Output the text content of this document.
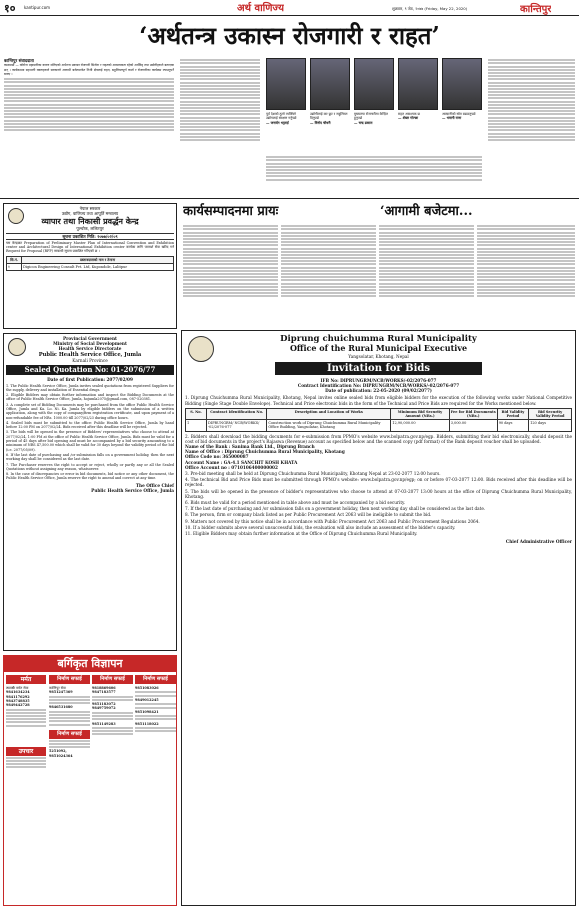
१० kantipur.com	अर्थ वाणिज्य	शुक्रबार, ९ जेठ, २०७७ (Friday, May 22, 2020)	कान्तिपुर
‘अर्थतन्त्र उकास्न रोजगारी र राहत’
कान्तिपुर संवाददाता
काठमाडौं — कोरोना महामारीका कारण थलिएको अर्थतन्त्र उकास्न रोजगारी सिर्जना र राहतको आवश्यकता रहेको अर्थविद् तथा उद्योगीहरूले बताएका छन् । कार्यक्रममा सहभागी वक्ताहरूले सरकारले आगामी बजेटमार्फत निजी क्षेत्रलाई राहत, सहुलियतपूर्ण कर्जा र रोजगारीका कार्यक्रम ल्याउनुपर्ने बताए ।
पूर्व देशको ठूलो व्यक्तिले उद्योगलाई संरक्षण गर्नुपर्छ
— जनार्दन भट्टराई
उद्योगीलाई कर छुट र सहुलियत दिनुपर्छ
— विनोद चौधरी
मुख्यतया रोजगारीमा केन्द्रित हुनुपर्छ
— चन्द्र ढकाल
राहत आवश्यक छ
— शेखर गोल्छा
आम्दानीको स्रोत बढाउनुपर्छ
— भवानी राणा
नेपाल सरकार
उद्योग, वाणिज्य तथा आपूर्ति मन्त्रालय
व्यापार तथा निकासी प्रवर्द्धन केन्द्र
पुल्चोक, ललितपुर
सूचना प्रकाशित मिति: २०७७/०२/०९
यस केन्द्रबाट Preparation of Preliminary Master Plan of International Convention and Exhibition center and Architectural Design of International Exhibition center कार्यका लागि परामर्श सेवा खरिद गर्न Request for Proposal (RFP) सम्बन्धी सूचना प्रकाशित गरिएको छ ।
सि.नं.	प्रस्तावदाताको नाम र ठेगाना
१	Digicon Engineering Consult Pvt. Ltd, Kupondole, Lalitpur
Provincial Government
Ministry of Social Development
Health Service Directorate
Public Health Service Office, Jumla
Karnali Province
Sealed Quotation No: 01-2076/77
Date of first Publication: 2077/02/09
1. The Public Health Service Office, Jumla invites sealed quotations from registered Suppliers for the supply, delivery and installation of Essential drugs.
2. Eligible Bidders may obtain further information and inspect the Bidding Documents at the office of Public Health Service Office, Jumla, hojumla2075@gmail.com, 087-520381.
3. A complete set of Bidding Documents may be purchased from the office Public Health Service Office, Jumla and Ka. Lo. Ni. Ka. Jumla by eligible bidders on the submission of a written application, along with the copy of company/firm registration certificate, and upon payment of a non-refundable fee of NRs. 1000.00 till 2077/02/23 during office hours.
4. Sealed bids must be submitted to the office: Public Health Service Office, Jumla by hand before 12:00 PM on 2077/02/24. Bids received after this deadline will be rejected.
5. The bids will be opened in the presence of Bidders' representatives who choose to attend at 2077/02/24, 1:00 PM at the office of Public Health Service Office, Jumla. Bids must be valid for a period of 45 days after bid opening and must be accompanied by a bid security amounting to a minimum of NRS 47,500.00 which shall be valid for 30 days beyond the validity period of the bid (i.e. 2077/05/09).
6. If the last date of purchasing and /or submission falls on a government holiday, then the next working day shall be considered as the last date.
7. The Purchaser reserves the right to accept or reject, wholly or partly any or all the Sealed Quotations without assigning any reason, whatsoever.
8. In the case of discrepancies or error in bid documents, bid notice or any other document, the Public Health Service Office, Jumla reserve the right to amend and correct at any time.
The Office Chief
Public Health Service Office, Jumla
कार्यसम्पादनमा प्रायः	‘आगामी बजेटमा...
Diprung chuichumma Rural Municipality
Office of the Rural Municipal Executive
Yangsolatar, Khotang, Nepal
Invitation for Bids
IFB No: DIPRUNGRM/NCB/WORKS/-02/2076-077
Contract Identification No: DIPRUNGRM/NCB/WORKS/-02/2076-077
Date of publication: 22-05-2020 (09/02/2077)
1. Diprung Chuichumma Rural Municipality, Khotang, Nepal invites online sealed bids from eligible bidders for the execution of the following works under National Competitive Bidding (Single Stage Double Envelope). Technical and Price electronic bids in the form of the Technical and Price Bids are required for the Works mentioned below.
S. No.	Contract Identification No.	Description and Location of Works	Minimum Bid Security Amount (NRs.)	Fee for Bid Documents (NRs.)	Bid Validity Period	Bid Security Validity Period
1	DIPRUNGRM/ NCB/WORKS/ -02/2076-077	Construction work of Diprung Chuichumma Rural Municipality Office Building, Yangsolatar, Khotang	12,90,000.00	3,000.00	90 days	120 days
2. Bidders shall download the bidding documents for e-submission from PPMO's website www.bolpatra.gov.np/egp. Bidders, submitting their bid electronically, should deposit the cost of bid documents in the project's Rajaswa (Revenue) account as specified below and the scanned copy (pdf format) of the Bank deposit voucher shall be uploaded.
Name of the Bank : Sanima Bank Ltd., Diprung Branch
Name of Office : Diprung Chuichumma Rural Municipality, Khotang
Office Code no: 365000087
Account Name : GA-4.1 SANCHIT KOSH KHATA
Office Account no : 0710106400000002
3. Pre-bid meeting shall be held at Diprung Chuichumma Rural Municipality, Khotang Nepal at 23-02-2077 12:00 hours.
4. The technical Bid and Price Bids must be submitted through PPMO's website: www.bolpatra.gov.np/egp; on or before 07-03-2077 12:00. Bids received after this deadline will be rejected.
5. The bids will be opened in the presence of bidder's representatives who choose to attend at 07-03-2077 13:00 hours at the office of Diprung Chuichumma Rural Municipality, Khotang.
6. Bids must be valid for a period mentioned in table above and must be accompanied by a bid security.
7. If the last date of purchasing and /or submission falls on a government holiday, then next working day shall be considered as the last date.
8. The person, firm or company black listed as per Public Procurement Act 2063 will be ineligible to submit the bid.
9. Matters not covered by this notice shall be in accordance with Public Procurement Act 2063 and Public Procurement Regulations 2064.
10. If a bidder submits above several unsuccessful bids, the evaluation will also include an assessment of the bidder's capacity.
11. Eligible Bidders may obtain further information at the Office of Diprung Chuichumma Rural Municipality.
Chief Administrative Officer
बर्गिकृत विज्ञापन
मर्मत
ठ्याक्कै मर्मत सेवा
9841634234
9841176292
9843748835
9849442728
उपचार
निर्माण सफाई
कान्तिपुर सेवा
9851247369
9846531680
निर्माण सफाई
5251092, 9851024364
निर्माण सफाई
9818869606
9847183577
9851183072
9849759072
9851149283
निर्माण सफाई
9851083026
9849012245
9851098421
9851118022
